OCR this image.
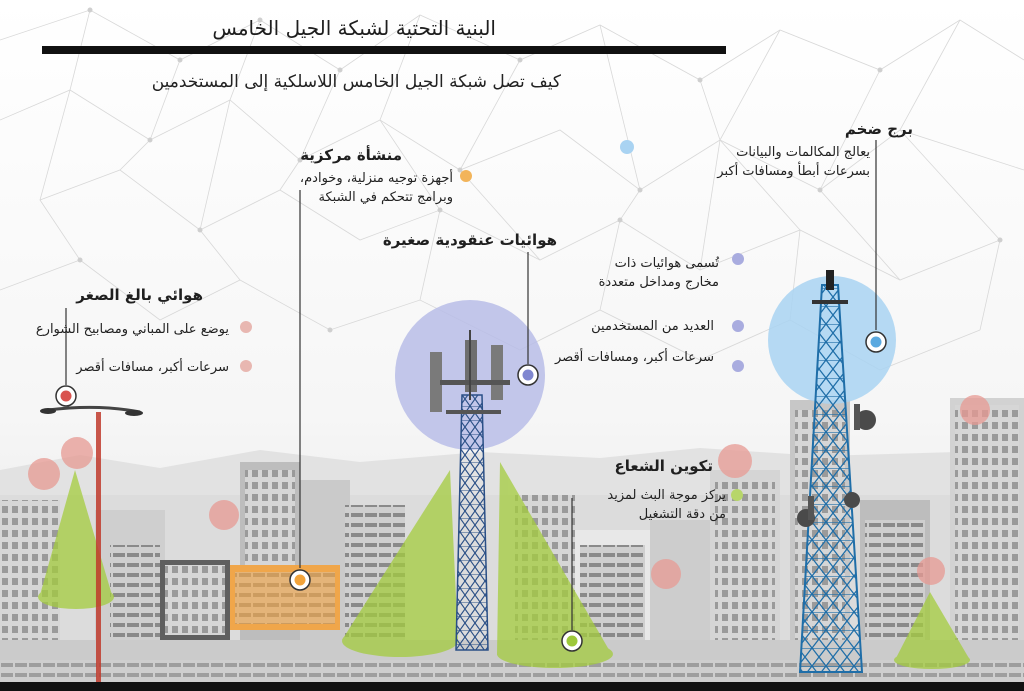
البنية التحتية لشبكة الجيل الخامس
كيف تصل شبكة الجيل الخامس اللاسلكية إلى المستخدمين
برج ضخم
يعالج المكالمات والبيانات
بسرعات أبطأ ومسافات أكبر
منشأة مركزية
أجهزة توجيه منزلية، وخوادم،
وبرامج تتحكم في الشبكة
هوائيات عنقودية صغيرة
تُسمى هوائيات ذات
مخارج ومداخل متعددة
العديد من المستخدمين
سرعات أكبر، ومسافات أقصر
هوائي بالغ الصغر
يوضع على المباني ومصابيح الشوارع
سرعات أكبر، مسافات أقصر
تكوين الشعاع
يركز موجة البث لمزيد
من دقة التشغيل
